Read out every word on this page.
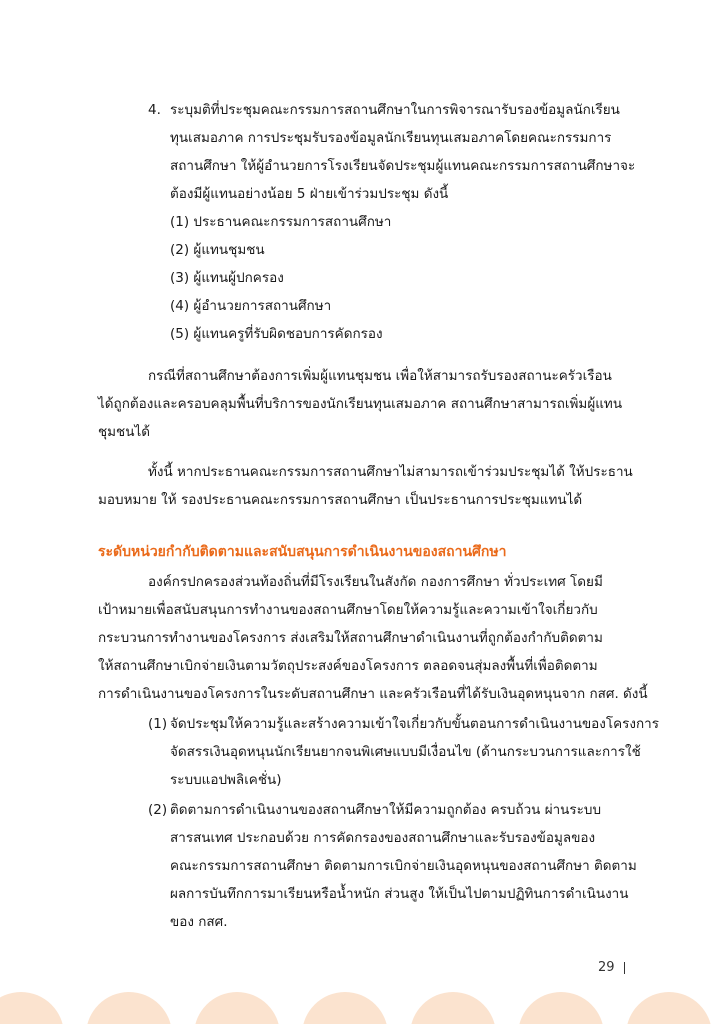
4. ระบุมติที่ประชุมคณะกรรมการสถานศึกษาในการพิจารณารับรองข้อมูลนักเรียน
ทุนเสมอภาค การประชุมรับรองข้อมูลนักเรียนทุนเสมอภาคโดยคณะกรรมการ
สถานศึกษา ให้ผู้อำนวยการโรงเรียนจัดประชุมผู้แทนคณะกรรมการสถานศึกษาจะ
ต้องมีผู้แทนอย่างน้อย 5 ฝ่ายเข้าร่วมประชุม ดังนี้
(1) ประธานคณะกรรมการสถานศึกษา
(2) ผู้แทนชุมชน
(3) ผู้แทนผู้ปกครอง
(4) ผู้อำนวยการสถานศึกษา
(5) ผู้แทนครูที่รับผิดชอบการคัดกรอง
กรณีที่สถานศึกษาต้องการเพิ่มผู้แทนชุมชน เพื่อให้สามารถรับรองสถานะครัวเรือน
ได้ถูกต้องและครอบคลุมพื้นที่บริการของนักเรียนทุนเสมอภาค สถานศึกษาสามารถเพิ่มผู้แทน
ชุมชนได้
ทั้งนี้ หากประธานคณะกรรมการสถานศึกษาไม่สามารถเข้าร่วมประชุมได้ ให้ประธาน
มอบหมาย ให้ รองประธานคณะกรรมการสถานศึกษา เป็นประธานการประชุมแทนได้
ระดับหน่วยกำกับติดตามและสนับสนุนการดำเนินงานของสถานศึกษา
องค์กรปกครองส่วนท้องถิ่นที่มีโรงเรียนในสังกัด กองการศึกษา ทั่วประเทศ โดยมี
เป้าหมายเพื่อสนับสนุนการทำงานของสถานศึกษาโดยให้ความรู้และความเข้าใจเกี่ยวกับ
กระบวนการทำงานของโครงการ ส่งเสริมให้สถานศึกษาดำเนินงานที่ถูกต้องกำกับติดตาม
ให้สถานศึกษาเบิกจ่ายเงินตามวัตถุประสงค์ของโครงการ ตลอดจนสุ่มลงพื้นที่เพื่อติดตาม
การดำเนินงานของโครงการในระดับสถานศึกษา และครัวเรือนที่ได้รับเงินอุดหนุนจาก กสศ. ดังนี้
(1) จัดประชุมให้ความรู้และสร้างความเข้าใจเกี่ยวกับขั้นตอนการดำเนินงานของโครงการ
จัดสรรเงินอุดหนุนนักเรียนยากจนพิเศษแบบมีเงื่อนไข (ด้านกระบวนการและการใช้
ระบบแอปพลิเคชั่น)
(2) ติดตามการดำเนินงานของสถานศึกษาให้มีความถูกต้อง ครบถ้วน ผ่านระบบ
สารสนเทศ ประกอบด้วย การคัดกรองของสถานศึกษาและรับรองข้อมูลของ
คณะกรรมการสถานศึกษา ติดตามการเบิกจ่ายเงินอุดหนุนของสถานศึกษา ติดตาม
ผลการบันทึกการมาเรียนหรือน้ำหนัก ส่วนสูง ให้เป็นไปตามปฏิทินการดำเนินงาน
ของ กสศ.
29
